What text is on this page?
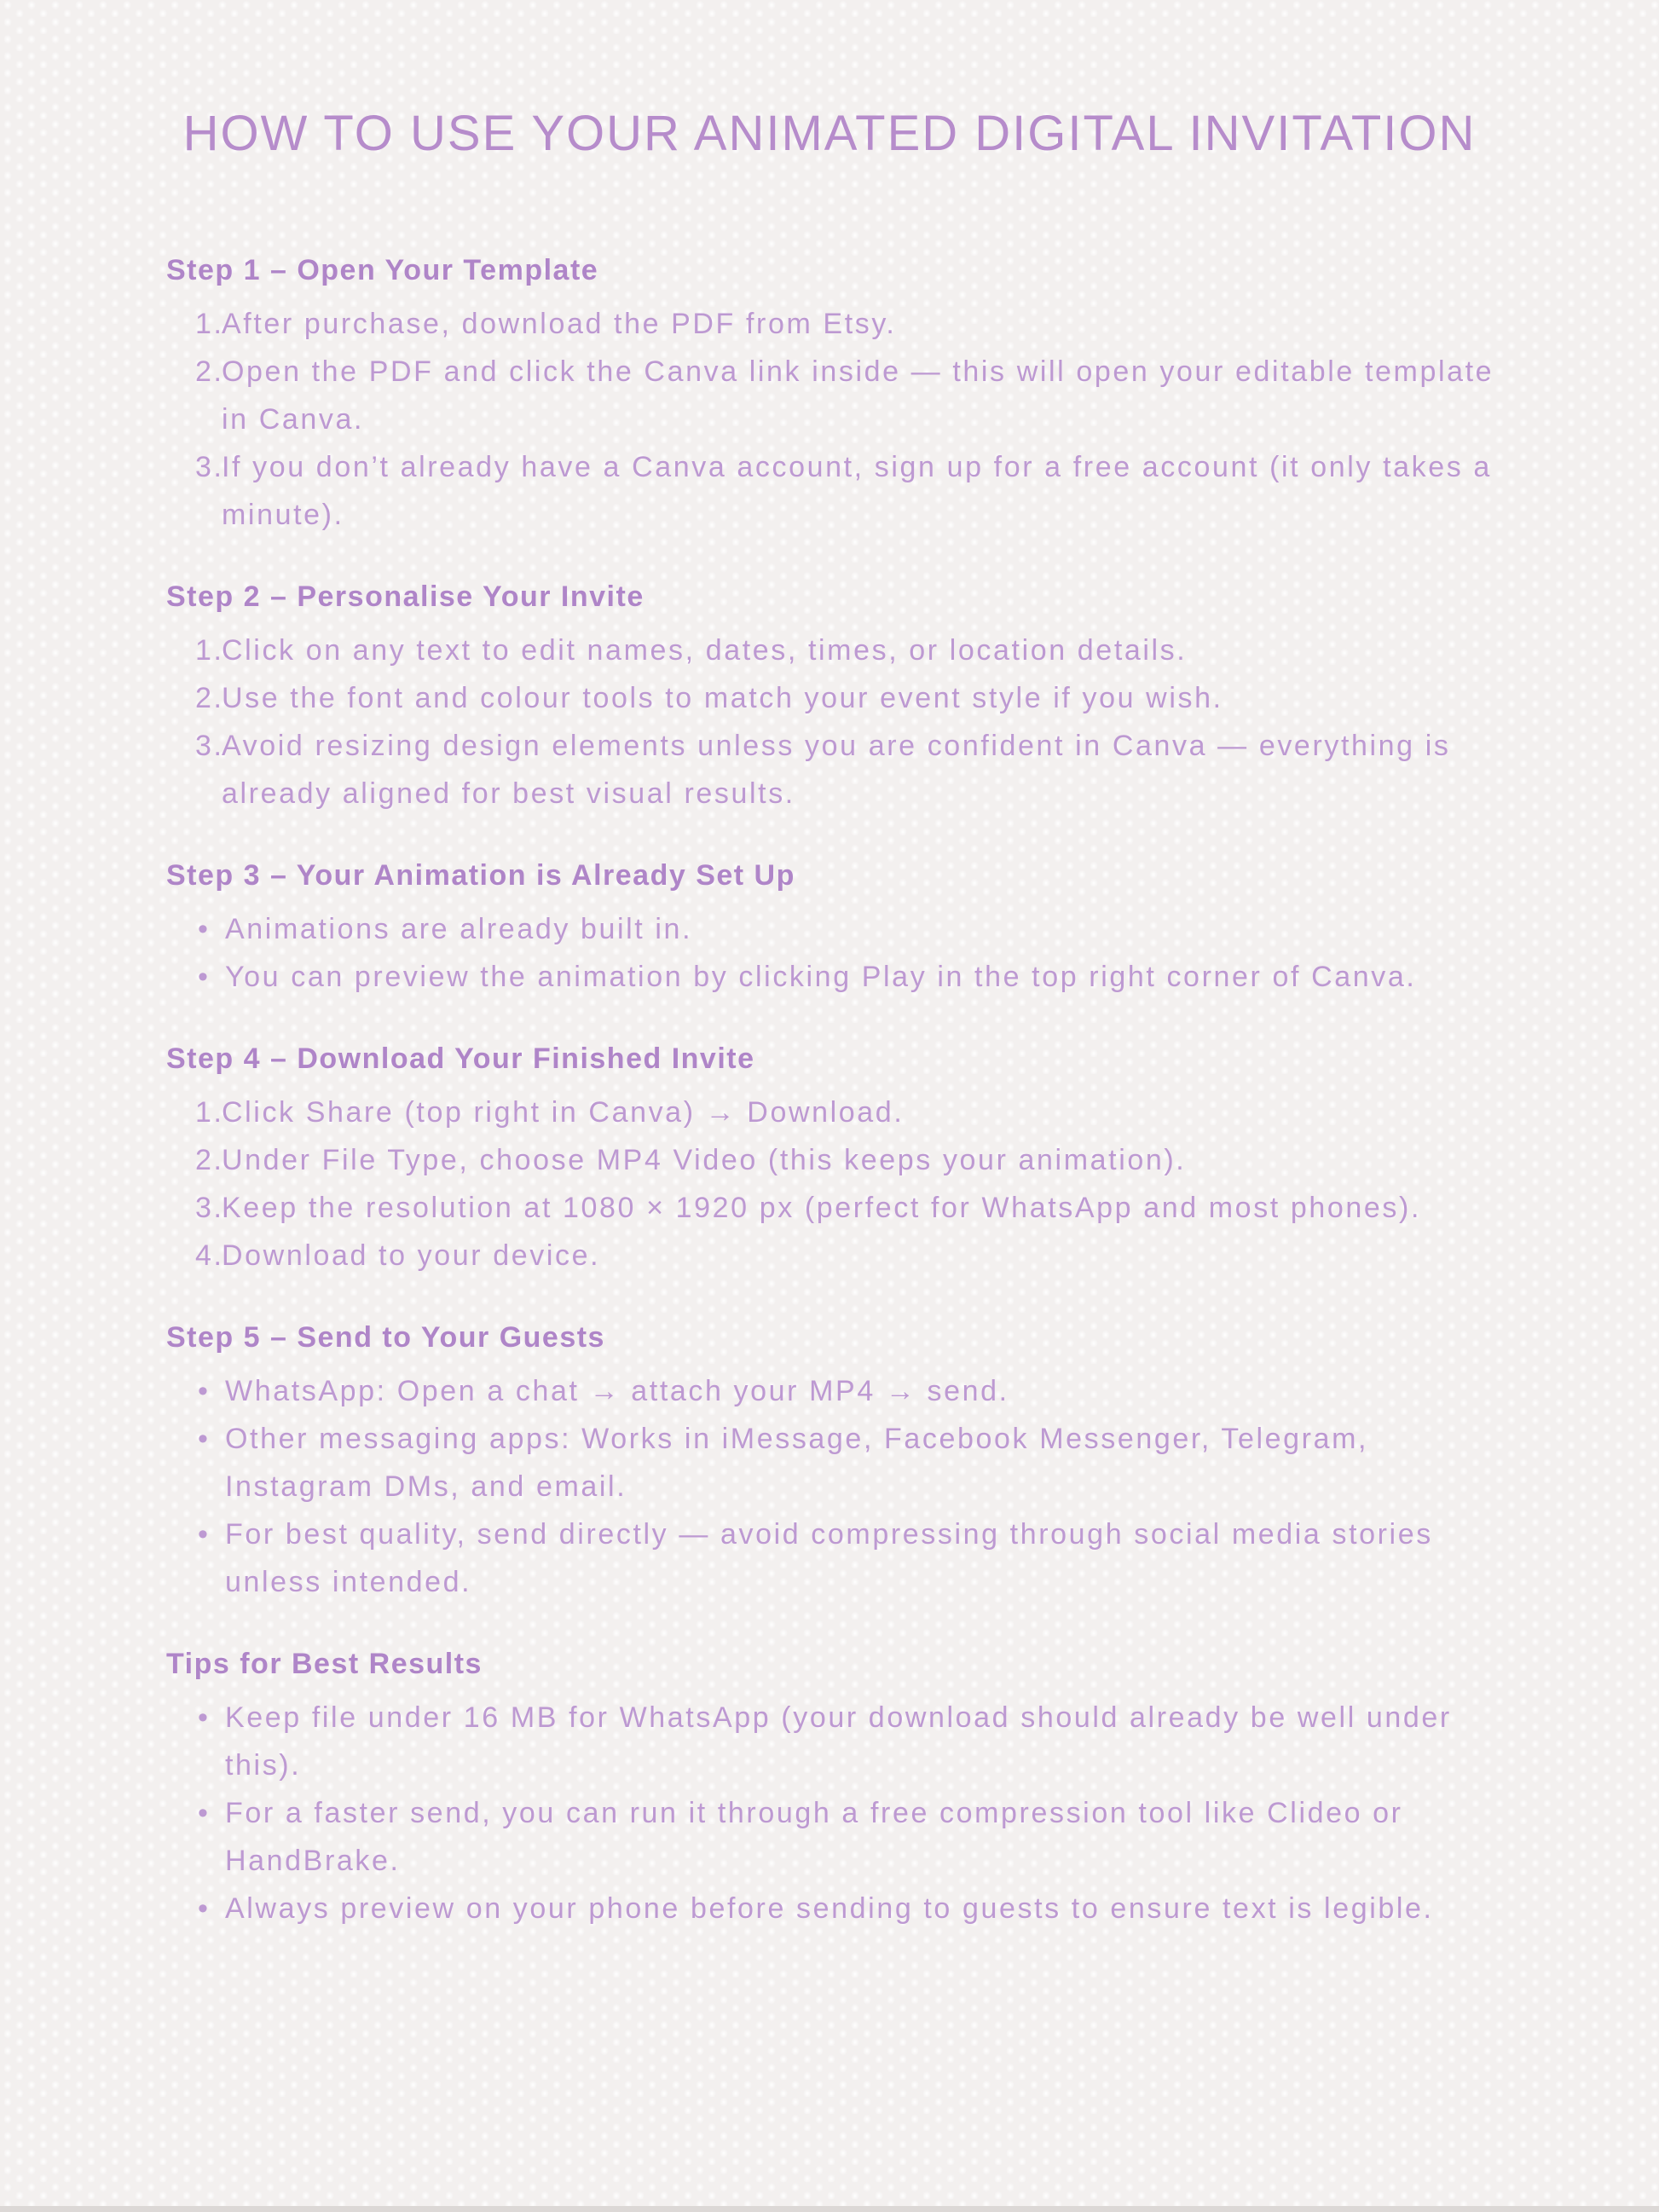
HOW TO USE YOUR ANIMATED DIGITAL INVITATION
Step 1 – Open Your Template
1.
After purchase, download the PDF from Etsy.
2.
Open the PDF and click the Canva link inside — this will open your editable template in Canva.
3.
If you don’t already have a Canva account, sign up for a free account (it only takes a minute).
Step 2 – Personalise Your Invite
1.
Click on any text to edit names, dates, times, or location details.
2.
Use the font and colour tools to match your event style if you wish.
3.
Avoid resizing design elements unless you are confident in Canva — everything is already aligned for best visual results.
Step 3 – Your Animation is Already Set Up
• Animations are already built in.
• You can preview the animation by clicking Play in the top right corner of Canva.
Step 4 – Download Your Finished Invite
1.
Click Share (top right in Canva) → Download.
2.
Under File Type, choose MP4 Video (this keeps your animation).
3.
Keep the resolution at 1080 × 1920 px (perfect for WhatsApp and most phones).
4.
Download to your device.
Step 5 – Send to Your Guests
• WhatsApp: Open a chat → attach your MP4 → send.
• Other messaging apps: Works in iMessage, Facebook Messenger, Telegram, Instagram DMs, and email.
• For best quality, send directly — avoid compressing through social media stories unless intended.
Tips for Best Results
• Keep file under 16 MB for WhatsApp (your download should already be well under this).
• For a faster send, you can run it through a free compression tool like Clideo or HandBrake.
• Always preview on your phone before sending to guests to ensure text is legible.
